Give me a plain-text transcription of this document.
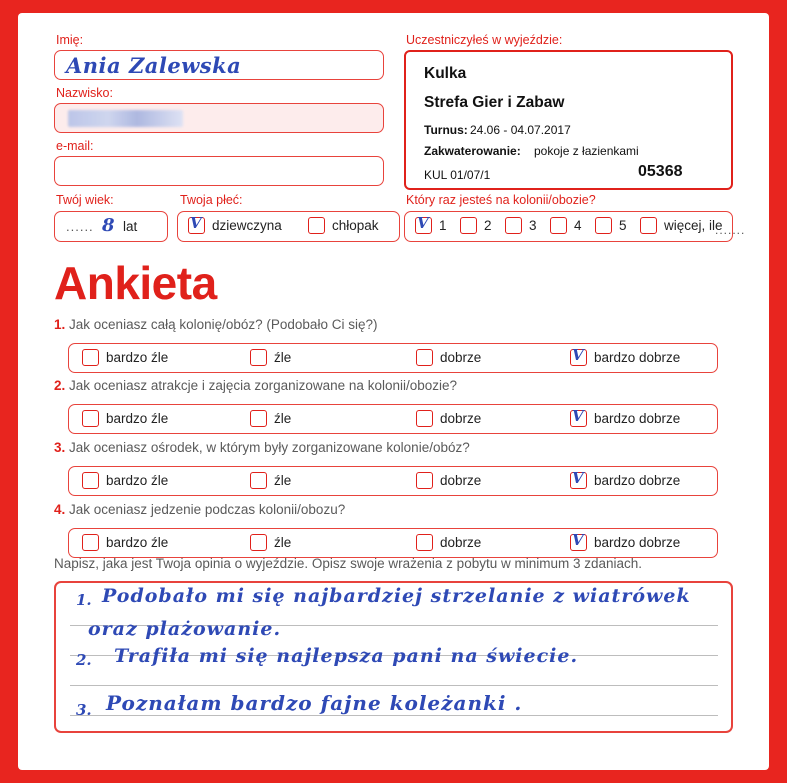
Imię:
Ania Zalewska
Nazwisko:
e-mail:
Twój wiek:
...... 8 lat
Twoja płeć:
Vdziewczyna	chłopak
Uczestniczyłeś w wyjeździe:
Kulka
Strefa Gier i Zabaw
Turnus: 24.06 - 04.07.2017
Zakwaterowanie: pokoje z łazienkami
KUL 01/07/1	05368
Który raz jesteś na kolonii/obozie?
V1	2	3	4	5	więcej, ile
.......
Ankieta
1. Jak oceniasz całą kolonię/obóz? (Podobało Ci się?)
bardzo źle	źle	dobrze V	bardzo dobrze
2. Jak oceniasz atrakcje i zajęcia zorganizowane na kolonii/obozie?
bardzo źle	źle	dobrze V	bardzo dobrze
3. Jak oceniasz ośrodek, w którym były zorganizowane kolonie/obóz?
bardzo źle	źle	dobrze V	bardzo dobrze
4. Jak oceniasz jedzenie podczas kolonii/obozu?
bardzo źle	źle	dobrze V	bardzo dobrze
Napisz, jaka jest Twoja opinia o wyjeździe. Opisz swoje wrażenia z pobytu w minimum 3 zdaniach.
1. Podobało mi się najbardziej strzelanie z wiatrówek
oraz plażowanie.
2. Trafiła mi się najlepsza pani na świecie.
3. Poznałam bardzo fajne koleżanki .
